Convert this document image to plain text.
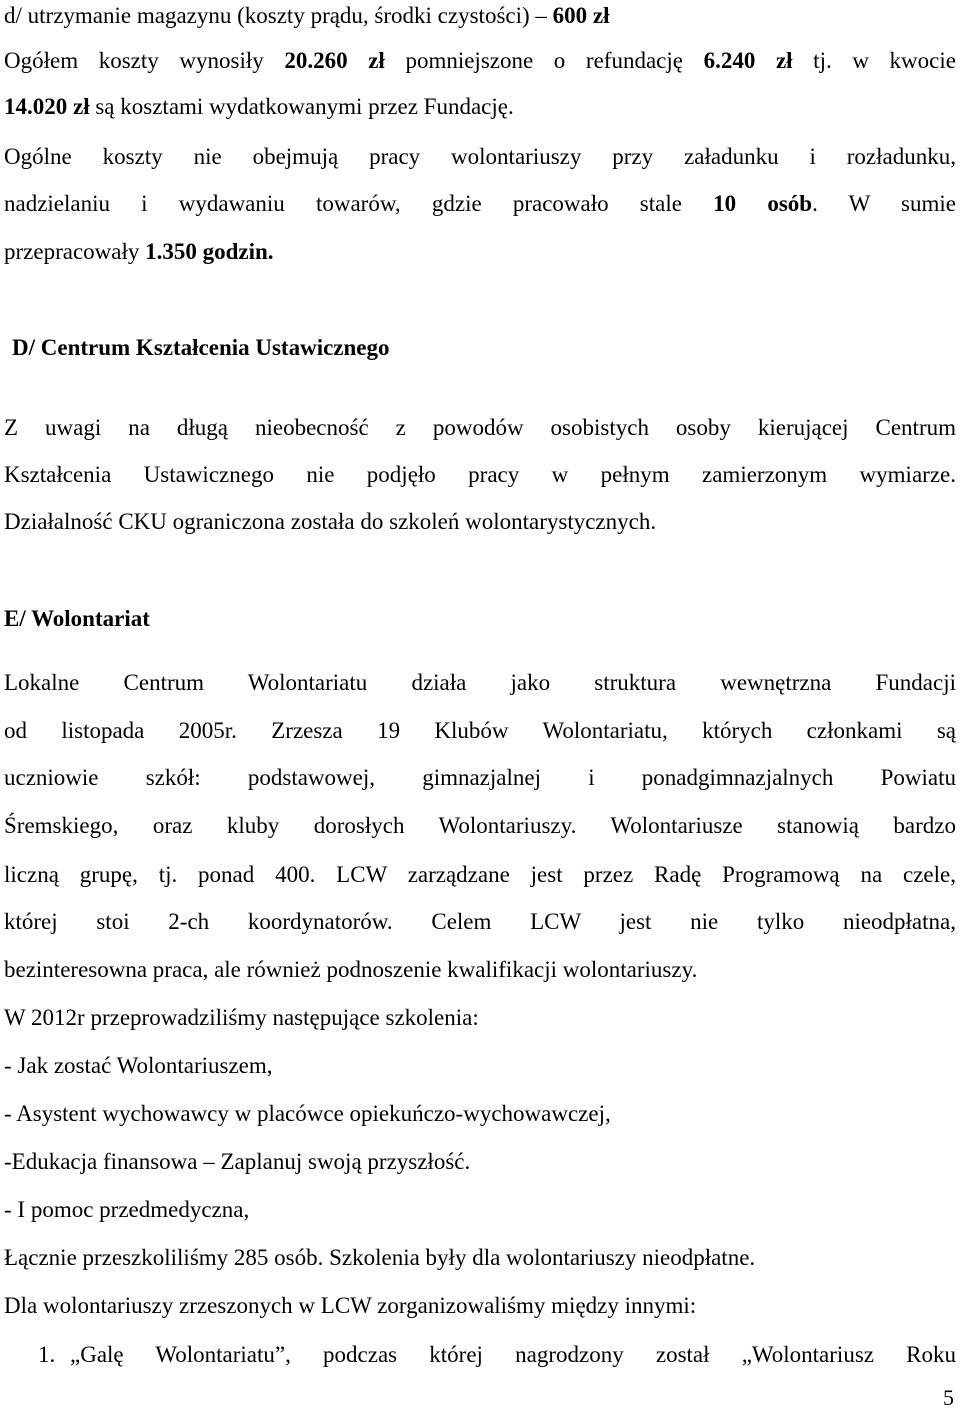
d/ utrzymanie magazynu (koszty prądu, środki czystości) – 600 zł
Ogółem koszty wynosiły 20.260 zł pomniejszone o refundację 6.240 zł tj. w kwocie
14.020 zł są kosztami wydatkowanymi przez Fundację.
Ogólne koszty nie obejmują pracy wolontariuszy przy załadunku i rozładunku,
nadzielaniu i wydawaniu towarów, gdzie pracowało stale 10 osób. W sumie
przepracowały 1.350 godzin.
D/ Centrum Kształcenia Ustawicznego
Z uwagi na długą nieobecność z powodów osobistych osoby kierującej Centrum
Kształcenia Ustawicznego nie podjęło pracy w pełnym zamierzonym wymiarze.
Działalność CKU ograniczona została do szkoleń wolontarystycznych.
E/ Wolontariat
Lokalne Centrum Wolontariatu działa jako struktura wewnętrzna Fundacji
od listopada 2005r. Zrzesza 19 Klubów Wolontariatu, których członkami są
uczniowie szkół: podstawowej, gimnazjalnej i ponadgimnazjalnych Powiatu
Śremskiego, oraz kluby dorosłych Wolontariuszy. Wolontariusze stanowią bardzo
liczną grupę, tj. ponad 400. LCW zarządzane jest przez Radę Programową na czele,
której stoi 2-ch koordynatorów. Celem LCW jest nie tylko nieodpłatna,
bezinteresowna praca, ale również podnoszenie kwalifikacji wolontariuszy.
W 2012r przeprowadziliśmy następujące szkolenia:
- Jak zostać Wolontariuszem,
- Asystent wychowawcy w placówce opiekuńczo-wychowawczej,
-Edukacja finansowa – Zaplanuj swoją przyszłość.
- I pomoc przedmedyczna,
Łącznie przeszkoliliśmy 285 osób. Szkolenia były dla wolontariuszy nieodpłatne.
Dla wolontariuszy zrzeszonych w LCW zorganizowaliśmy między innymi:
1. „Galę Wolontariatu”, podczas której nagrodzony został „Wolontariusz Roku
5
